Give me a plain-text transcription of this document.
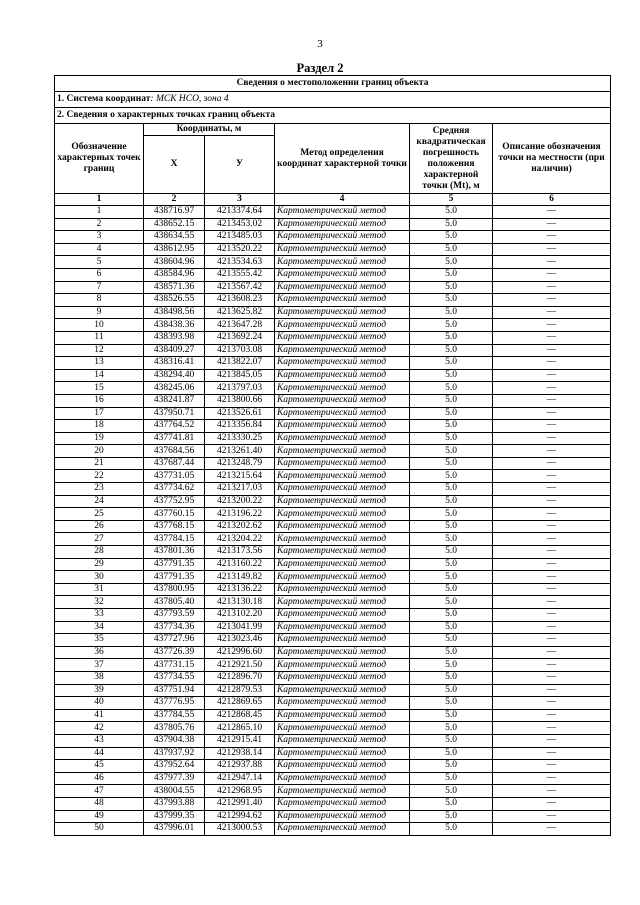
3
Раздел 2
Сведения о местоположении границ объекта					
1. Система координат: МСК НСО, зона 4					
2. Сведения о характерных точках границ объекта					
Обозначение характерных точек границ	Координаты, м		Метод определения координат характерной точки	Средняя квадратическая погрешность положения характерной точки (Mt), м	Описание обозначения точки на местности (при наличии)
	X	У			
1	2	3	4	5	6
1	438716.97	4213374.64	Картометрический метод	5.0	—
2	438652.15	4213453.02	Картометрический метод	5.0	—
3	438634.55	4213485.03	Картометрический метод	5.0	—
4	438612.95	4213520.22	Картометрический метод	5.0	—
5	438604.96	4213534.63	Картометрический метод	5.0	—
6	438584.96	4213555.42	Картометрический метод	5.0	—
7	438571.36	4213567.42	Картометрический метод	5.0	—
8	438526.55	4213608.23	Картометрический метод	5.0	—
9	438498.56	4213625.82	Картометрический метод	5.0	—
10	438438.36	4213647.28	Картометрический метод	5.0	—
11	438393.98	4213692.24	Картометрический метод	5.0	—
12	438409.27	4213703.08	Картометрический метод	5.0	—
13	438316.41	4213822.07	Картометрический метод	5.0	—
14	438294.40	4213845.05	Картометрический метод	5.0	—
15	438245.06	4213797.03	Картометрический метод	5.0	—
16	438241.87	4213800.66	Картометрический метод	5.0	—
17	437950.71	4213526.61	Картометрический метод	5.0	—
18	437764.52	4213356.84	Картометрический метод	5.0	—
19	437741.81	4213330.25	Картометрический метод	5.0	—
20	437684.56	4213261.40	Картометрический метод	5.0	—
21	437687.44	4213248.79	Картометрический метод	5.0	—
22	437731.05	4213215.64	Картометрический метод	5.0	—
23	437734.62	4213217.03	Картометрический метод	5.0	—
24	437752.95	4213200.22	Картометрический метод	5.0	—
25	437760.15	4213196.22	Картометрический метод	5.0	—
26	437768.15	4213202.62	Картометрический метод	5.0	—
27	437784.15	4213204.22	Картометрический метод	5.0	—
28	437801.36	4213173.56	Картометрический метод	5.0	—
29	437791.35	4213160.22	Картометрический метод	5.0	—
30	437791.35	4213149.82	Картометрический метод	5.0	—
31	437800.95	4213136.22	Картометрический метод	5.0	—
32	437805.40	4213130.18	Картометрический метод	5.0	—
33	437793.59	4213102.20	Картометрический метод	5.0	—
34	437734.36	4213041.99	Картометрический метод	5.0	—
35	437727.96	4213023.46	Картометрический метод	5.0	—
36	437726.39	4212996.60	Картометрический метод	5.0	—
37	437731.15	4212921.50	Картометрический метод	5.0	—
38	437734.55	4212896.70	Картометрический метод	5.0	—
39	437751.94	4212879.53	Картометрический метод	5.0	—
40	437776.95	4212869.65	Картометрический метод	5.0	—
41	437784.55	4212868.45	Картометрический метод	5.0	—
42	437805.76	4212865.10	Картометрический метод	5.0	—
43	437904.38	4212915.41	Картометрический метод	5.0	—
44	437937.92	4212938.14	Картометрический метод	5.0	—
45	437952.64	4212937.88	Картометрический метод	5.0	—
46	437977.39	4212947.14	Картометрический метод	5.0	—
47	438004.55	4212968.95	Картометрический метод	5.0	—
48	437993.88	4212991.40	Картометрический метод	5.0	—
49	437999.35	4212994.62	Картометрический метод	5.0	—
50	437996.01	4213000.53	Картометрический метод	5.0	—
